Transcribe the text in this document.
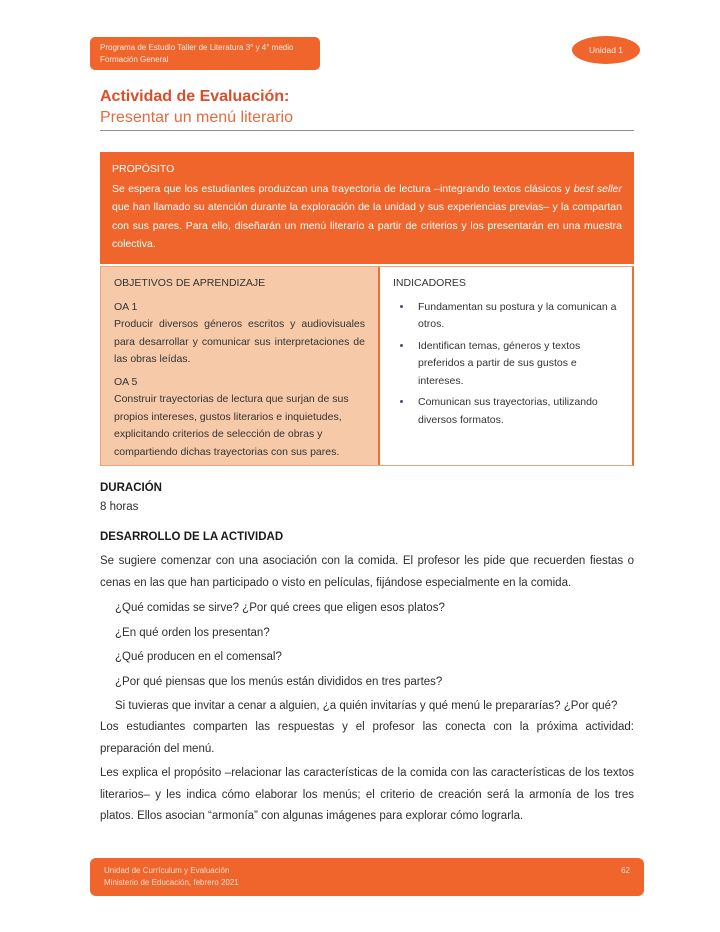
Programa de Estudio Taller de Literatura 3° y 4° medio
Formación General
Unidad 1
Actividad de Evaluación:
Presentar un menú literario
PROPÓSITO

Se espera que los estudiantes produzcan una trayectoria de lectura –integrando textos clásicos y best seller que han llamado su atención durante la exploración de la unidad y sus experiencias previas– y la compartan con sus pares. Para ello, diseñarán un menú literario a partir de criterios y los presentarán en una muestra colectiva.

OBJETIVOS DE APRENDIZAJE
OA 1
Producir diversos géneros escritos y audiovisuales para desarrollar y comunicar sus interpretaciones de las obras leídas.
OA 5
Construir trayectorias de lectura que surjan de sus propios intereses, gustos literarios e inquietudes, explicitando criterios de selección de obras y compartiendo dichas trayectorias con sus pares.
INDICADORES
• Fundamentan su postura y la comunican a otros.
• Identifican temas, géneros y textos preferidos a partir de sus gustos e intereses.
• Comunican sus trayectorias, utilizando diversos formatos.
DURACIÓN
8 horas
DESARROLLO DE LA ACTIVIDAD

Se sugiere comenzar con una asociación con la comida. El profesor les pide que recuerden fiestas o cenas en las que han participado o visto en películas, fijándose especialmente en la comida.

¿Qué comidas se sirve? ¿Por qué crees que eligen esos platos?
¿En qué orden los presentan?
¿Qué producen en el comensal?
¿Por qué piensas que los menús están divididos en tres partes?
Si tuvieras que invitar a cenar a alguien, ¿a quién invitarías y qué menú le prepararías? ¿Por qué?

Los estudiantes comparten las respuestas y el profesor las conecta con la próxima actividad: preparación del menú.

Les explica el propósito –relacionar las características de la comida con las características de los textos literarios– y les indica cómo elaborar los menús; el criterio de creación será la armonía de los tres platos. Ellos asocian “armonía” con algunas imágenes para explorar cómo lograrla.

Unidad de Currículum y Evaluación
Ministerio de Educación, febrero 2021
62
